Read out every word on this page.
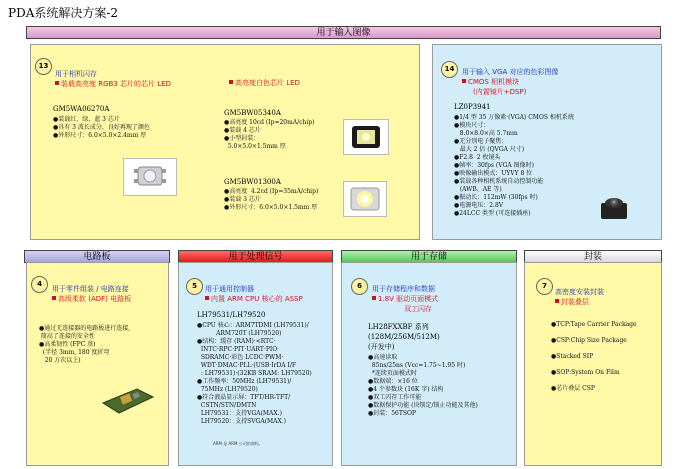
PDA系统解决方案-2
用于输入图像
13
用于相机闪存
装载高亮度 RGB3 芯片的芯片 LED	高亮度白色芯片 LED
GM5WA06270A
●装载红、绿、蓝 3 芯片
●具有 3 波长成分，良好再现了颜色
●外形尺寸：6.0×5.0×2.4mm 厚
GM5BW05340A
●高亮度 10cd (Ip=20mA/chip)
●装载 4 芯片
●小型封装：
5.0×5.0×1.5mm 厚
GM5BW01300A
●高亮度  4.2cd (Ip=35mA/chip)
●装载 3 芯片
●外形尺寸：6.0×5.0×1.5mm 厚
14	用于输入 VGA 对应的色彩图像
CMOS 相机模块
(内置镜片+DSP)
LZ0P3941
●1/4 型 35 万像素·(VGA) CMOS 相机系统
●模块尺寸：
8.0×8.0×高 5.7mm
●无分别电子聚焦：
最大 2 倍 (QVGA 尺寸)
●F2.8  2 枚镜头
●帧率：30fps (VGA 图像时)
●映像输出模式：UYVY 8 位
●装载各种相机系统自动控制功能
(AWB、AE 等)
●振动长：112mW (30fps 时)
●电源电压：2.8V
●24LCC 类型 (可连接插座)
电路板	用于处理信号	用于存储	封装
4
用于零件组装 / 电路连接
高级柔软 (ADF) 电路板
●通过无连接器的电路板进行连接,
简高了连接的安全性
●高柔韧性 (FPC 基)
(半径 3mm, 180 度折弯
20 万次以上)
5	用于通用控制器
内置 ARM CPU 核心的 ASSP
LH79531/LH79520
●CPU 核心：ARM7TDMI (LH79531)/
ARM720T (LH79520)
●结构：缓存 (RAM)·<RTC·
INTC·RPC·PIT·UART·PIO·
SDRAMC·彩色 LCDC·PWM·
WDT·DMAC·PLL·(USB·IrDA I/F
: LH79531)·(32KB SRAM: LH79520)
●工作频率：50MHz (LH79531)/
75MHz (LH79520)
●符合液晶显示屏：TFT/HR-TFT/
CSTN/STN/DMTN
LH79531：支持VGA(MAX.)
LH79520：支持SVGA(MAX.)
ARM 是 ARM 公司的商标。
6	用于存储程序和数据
1.8V 驱动页面模式
双工闪存
LH28FXXBF 系列
(128M/256M/512M)
(开发中)
●高速读取
85ns/25ns (Vcc=1.75~1.95 时)
*连续页面模式时
●数据端：×16 位
●4 个参数块 (16K 字) 结构
●双工闪存工作可能
●数据保护功能 (块锁定/锁止功能及其他)
●封装：56TSOP
7
高密度安装封装
封装叠层
●TCP:Tape Carrier Package
●CSP:Chip Size Package
●Stacked SIP
●SOP:System On Film
●芯片叠层 CSP
